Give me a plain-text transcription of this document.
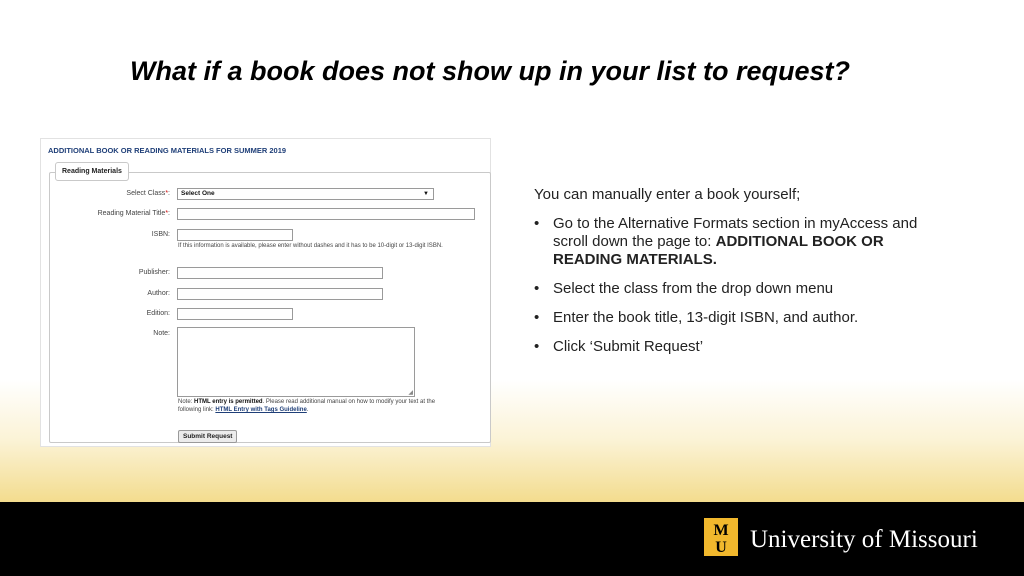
What if a book does not show up in your list to request?
ADDITIONAL BOOK OR READING MATERIALS FOR SUMMER 2019
Reading Materials
Select Class*:	Select One	▼
Reading Material Title*:
ISBN:
If this information is available, please enter without dashes and it has to be 10-digit or 13-digit ISBN.
Publisher:
Author:
Edition:
Note:
◢
Note: HTML entry is permitted. Please read additional manual on how to modify your text at the following link: HTML Entry with Tags Guideline.
Submit Request
You can manually enter a book yourself;
• Go to the Alternative Formats section in myAccess and scroll down the page to: ADDITIONAL BOOK OR READING MATERIALS.
• Select the class from the drop down menu
• Enter the book title, 13-digit ISBN, and author.
• Click ‘Submit Request’
M
U University of Missouri
